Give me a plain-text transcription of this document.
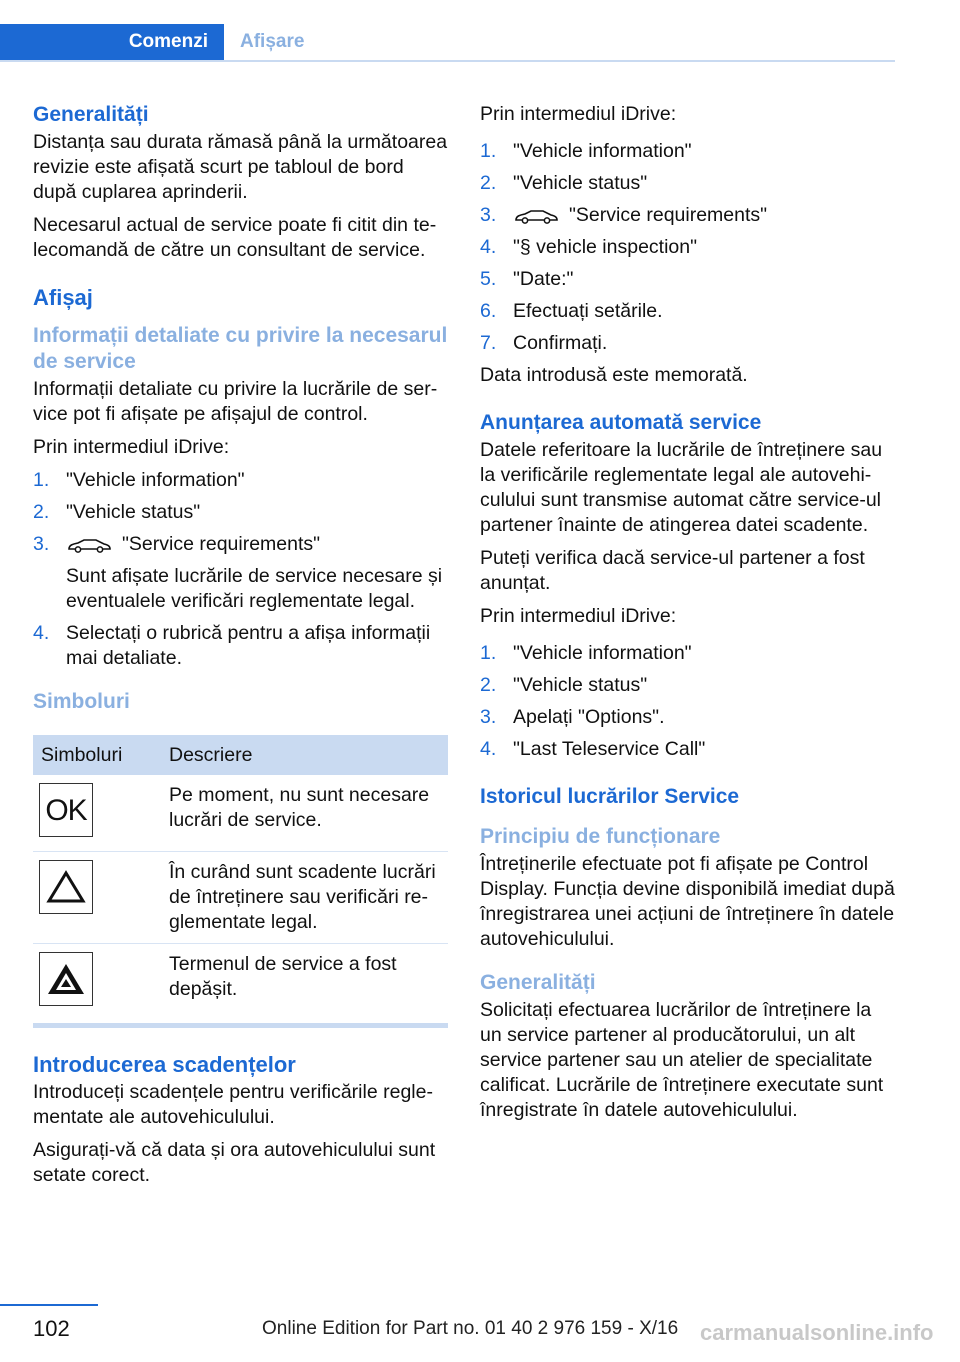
Comenzi	Afișare
Generalități

Distanța sau durata rămasă până la următoarea revizie este afișată scurt pe tabloul de bord după cuplarea aprinderii.

Necesarul actual de service poate fi citit din te‐lecomandă de către un consultant de service.

Afișaj
Informații detaliate cu privire la necesarul de service

Informații detaliate cu privire la lucrările de ser‐vice pot fi afișate pe afișajul de control.

Prin intermediul iDrive:

1. "Vehicle information"
2. "Vehicle status"
3.	"Service requirements"
Sunt afișate lucrările de service necesare și eventualele verificări reglementate legal.
4. Selectați o rubrică pentru a afișa informații mai detaliate.
Simboluri
Simboluri	Descriere

OK	Pe moment, nu sunt necesare lucrări de service.

	În curând sunt scadente lucrări de întreținere sau verificări re‐glementate legal.

	Termenul de service a fost depășit.
Introducerea scadențelor

Introduceți scadențele pentru verificările regle‐mentate ale autovehiculului.

Asigurați-vă că data și ora autovehiculului sunt setate corect.

Prin intermediul iDrive:

1. "Vehicle information"
2. "Vehicle status"
3.	"Service requirements"
4. "§ vehicle inspection"
5. "Date:"
6. Efectuați setările.
7. Confirmați.

Data introdusă este memorată.

Anunțarea automată service

Datele referitoare la lucrările de întreținere sau la verificările reglementate legal ale autovehi‐culului sunt transmise automat către service-ul partener înainte de atingerea datei scadente.

Puteți verifica dacă service-ul partener a fost anunțat.

Prin intermediul iDrive:

1. "Vehicle information"
2. "Vehicle status"
3. Apelați "Options".
4. "Last Teleservice Call"
Istoricul lucrărilor Service
Principiu de funcționare

Întreținerile efectuate pot fi afișate pe Control Display. Funcția devine disponibilă imediat după înregistrarea unei acțiuni de întreținere în datele autovehiculului.

Generalități

Solicitați efectuarea lucrărilor de întreținere la un service partener al producătorului, un alt service partener sau un atelier de specialitate calificat. Lucrările de întreținere executate sunt înregistrate în datele autovehiculului.

102	Online Edition for Part no. 01 40 2 976 159 - X/16 carmanualsonline.info
